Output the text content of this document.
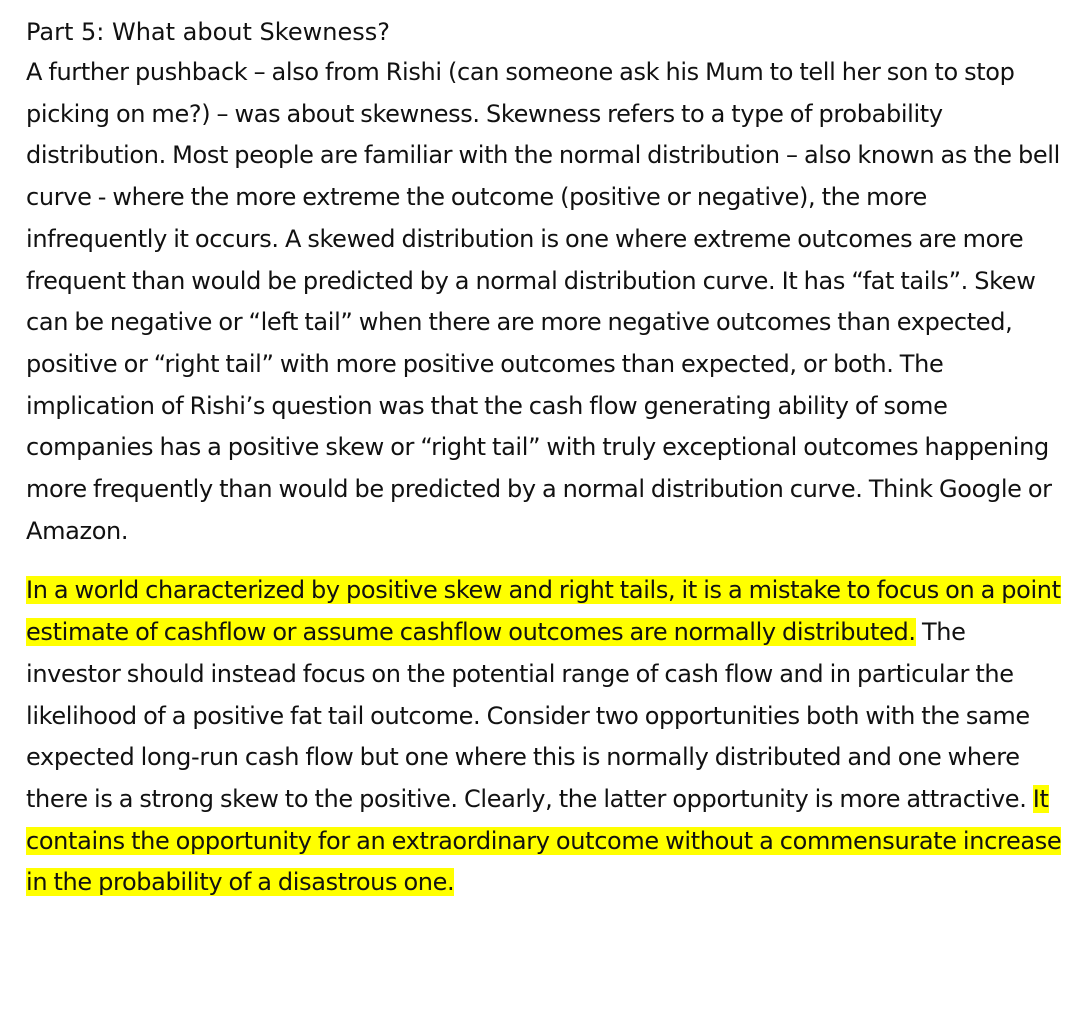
Part 5: What about Skewness?

A further pushback – also from Rishi (can someone ask his Mum to tell her son to stop picking on me?) – was about skewness. Skewness refers to a type of probability distribution. Most people are familiar with the normal distribution – also known as the bell curve - where the more extreme the outcome (positive or negative), the more infrequently it occurs. A skewed distribution is one where extreme outcomes are more frequent than would be predicted by a normal distribution curve. It has “fat tails”. Skew can be negative or “left tail” when there are more negative outcomes than expected, positive or “right tail” with more positive outcomes than expected, or both. The implication of Rishi’s question was that the cash flow generating ability of some companies has a positive skew or “right tail” with truly exceptional outcomes happening more frequently than would be predicted by a normal distribution curve. Think Google or Amazon.

In a world characterized by positive skew and right tails, it is a mistake to focus on a point estimate of cashflow or assume cashflow outcomes are normally distributed. The investor should instead focus on the potential range of cash flow and in particular the likelihood of a positive fat tail outcome. Consider two opportunities both with the same expected long-run cash flow but one where this is normally distributed and one where there is a strong skew to the positive. Clearly, the latter opportunity is more attractive. It contains the opportunity for an extraordinary outcome without a commensurate increase in the probability of a disastrous one.
